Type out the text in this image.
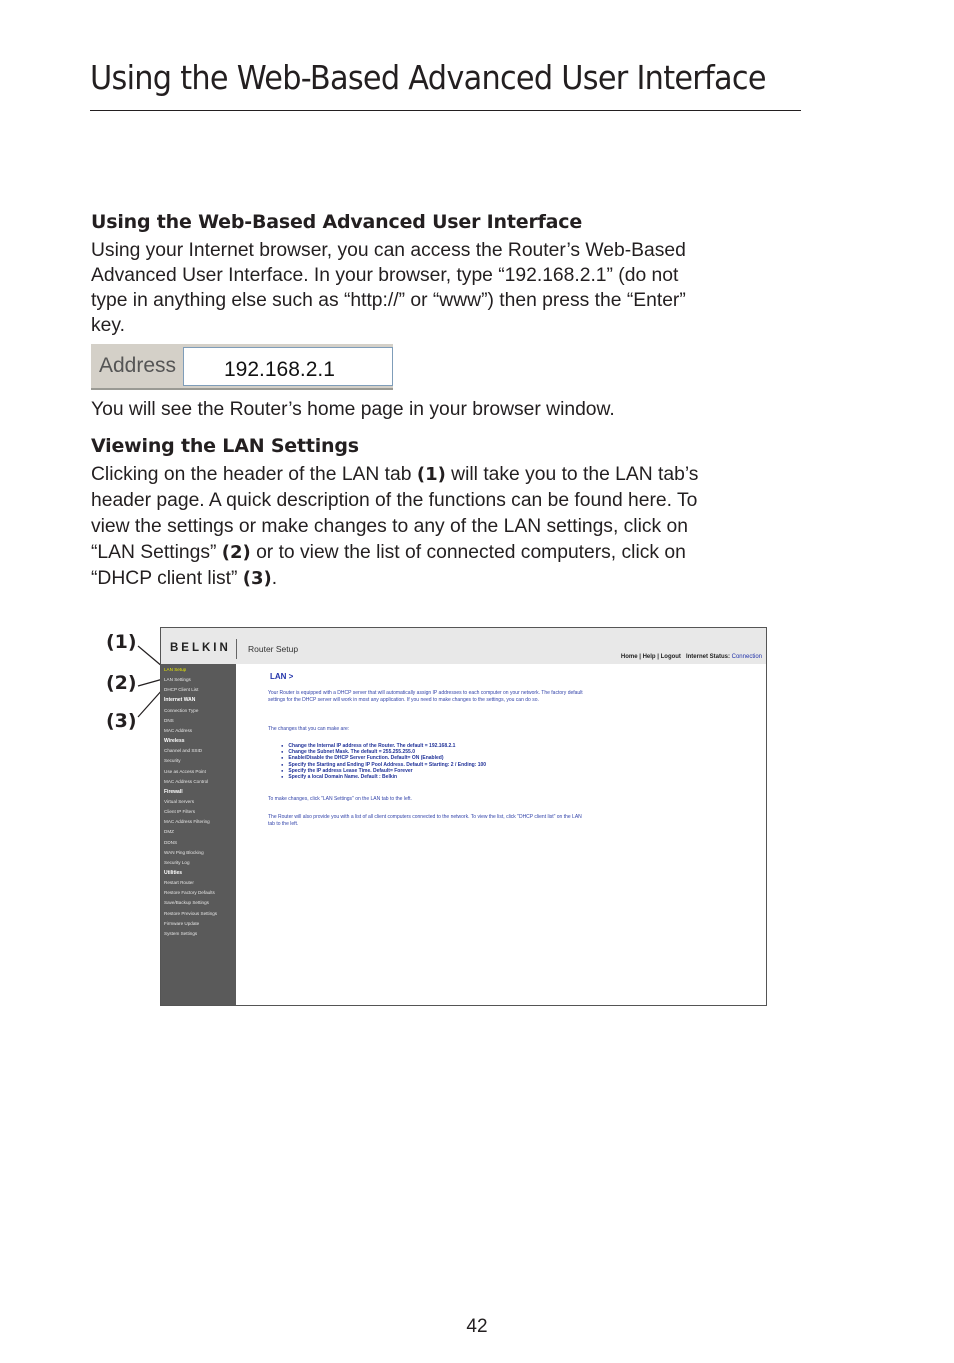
Using the Web-Based Advanced User Interface
Using the Web-Based Advanced User Interface
Using your Internet browser, you can access the Router’s Web-Based
Advanced User Interface. In your browser, type “192.168.2.1” (do not
type in anything else such as “http://” or “www”) then press the “Enter”
key.
Address 192.168.2.1

You will see the Router’s home page in your browser window.

Viewing the LAN Settings
Clicking on the header of the LAN tab (1) will take you to the LAN tab’s
header page. A quick description of the functions can be found here. To
view the settings or make changes to any of the LAN settings, click on
“LAN Settings” (2) or to view the list of connected computers, click on
“DHCP client list” (3).
(1)
(2)
(3)
BELKIN Router Setup
Home | Help | Logout Internet Status: Connection
LAN Setup
LAN Settings
DHCP Client List
Internet WAN
Connection Type
DNS
MAC Address
Wireless
Channel and SSID
Security
Use as Access Point
MAC Address Control
Firewall
Virtual Servers
Client IP Filters
MAC Address Filtering
DMZ
DDNS
WAN Ping Blocking
Security Log
Utilities
Restart Router
Restore Factory Defaults
Save/Backup Settings
Restore Previous Settings
Firmware Update
System Settings
LAN >

Your Router is equipped with a DHCP server that will automatically assign IP addresses to each computer on your network. The factory default settings for the DHCP server will work in most any application. If you need to make changes to the settings, you can do so.

The changes that you can make are:

● Change the Internal IP address of the Router. The default = 192.168.2.1
● Change the Subnet Mask. The default = 255.255.255.0
● Enable/Disable the DHCP Server Function. Default= ON (Enabled)
● Specify the Starting and Ending IP Pool Address. Default = Starting: 2 / Ending: 100
● Specify the IP address Lease Time. Default= Forever
● Specify a local Domain Name. Default : Belkin

To make changes, click "LAN Settings" on the LAN tab to the left.

The Router will also provide you with a list of all client computers connected to the network. To view the list, click "DHCP client list" on the LAN tab to the left.

42
